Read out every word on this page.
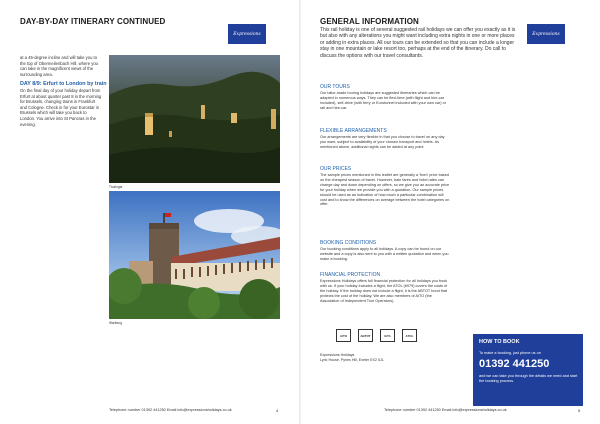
DAY-BY-DAY ITINERARY CONTINUED
Expressions
at a 45-degree incline and will take you to the top of Obermeilenbach Hill, where you can take in the magnificent views of the surrounding area.
DAY 8/9: Erfurt to London by train
On the final day of your holiday depart from Erfurt at about quarter past 8 in the morning for Brussels, changing trains in Frankfurt and Cologne. Check in for your Eurostar in Brussels which will take you back to London. You arrive into St Pancras in the evening.
Thuringia
Wartburg
Telephone number 01392 441250 Email info@expressionsholidays.co.uk	4
GENERAL INFORMATION
Expressions
This rail holiday is one of several suggested rail holidays we can offer you exactly as it is but also with any alterations you might want including extra nights in one or more places or adding in extra places. All our tours can be extended so that you can include a longer stay in one mountain or lake resort too, perhaps at the end of the itinerary. Do call to discuss the options with our travel consultants.
OUR TOURS

Our tailor-made touring holidays are suggested itineraries which can be adapted in numerous ways. They can be flexi-time (with flight and hire-car included), self-drive (with ferry or Eurotunnel included with your own car) or rail and hire-car.

FLEXIBLE ARRANGEMENTS

Our arrangements are very flexible in that you choose to travel on any day you want, subject to availability of your chosen transport and hotels. As mentioned above, additional nights can be added at any point.

OUR PRICES

The sample prices mentioned in this leaflet are generally a 'from' price based on the cheapest season of travel. However, train fares and hotel rates can change day and down depending on offers, so we give you an accurate price for your holiday when we provide you with a quotation. Our sample prices should be used as an indication of how much a particular combination will cost and to show the differences on average between the hotel categories on offer.

BOOKING CONDITIONS

Our booking conditions apply to all holidays. A copy can be found on our website and a copy is also sent to you with a written quotation and when you make a booking.

FINANCIAL PROTECTION

Expressions Holidays offers full financial protection for all holidays you book with us. If your holiday includes a flight, the ATOL (6979) covers the costs of the holiday. If the holiday does not include a flight, it is the ABTOT bond that protects the cost of the holiday. We are also members of AITO (the Association of Independent Tour Operators).

AITO	ABTOT	IATA	ATOL
Expressions Holidays
Lyric House, Pynes Hill, Exeter EX2 5JL
HOW TO BOOK
To make a booking, just phone us on
01392 441250
and we can take you through the details we need and start the booking process.
Telephone number 01392 441250 Email info@expressionsholidays.co.uk	5
